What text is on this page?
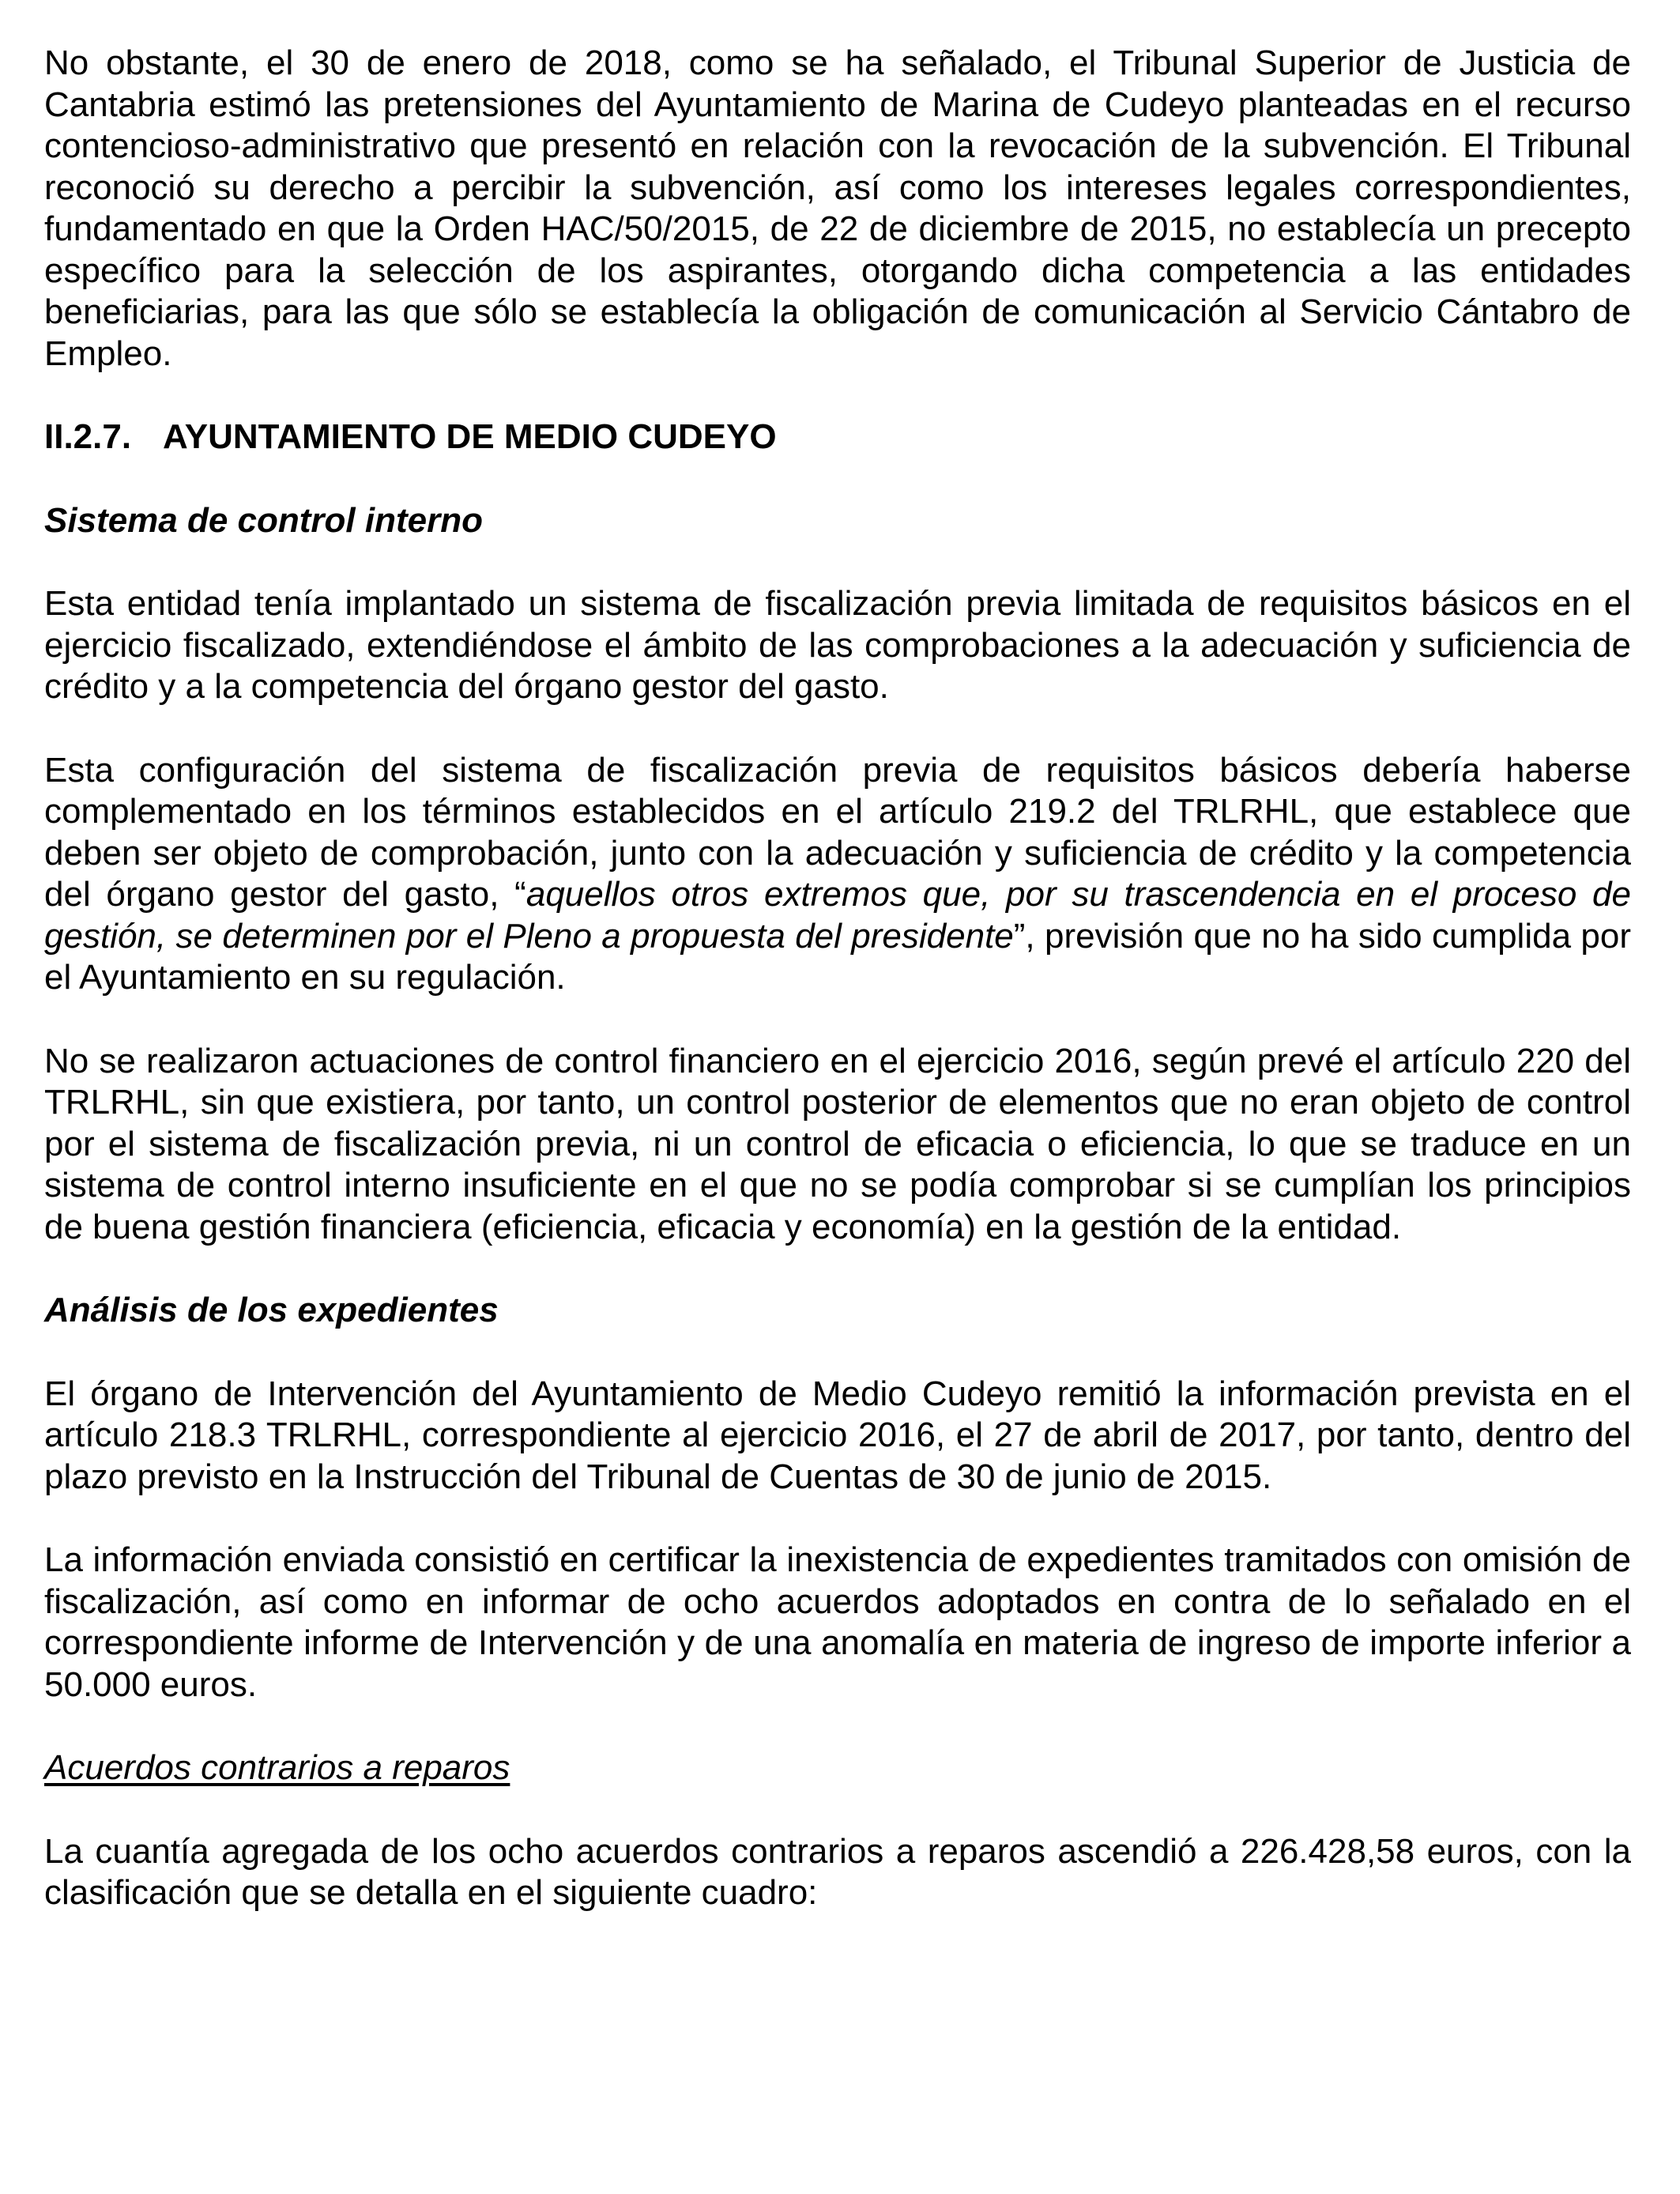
No obstante, el 30 de enero de 2018, como se ha señalado, el Tribunal Superior de Justicia de Cantabria estimó las pretensiones del Ayuntamiento de Marina de Cudeyo planteadas en el recurso contencioso-administrativo que presentó en relación con la revocación de la subvención. El Tribunal reconoció su derecho a percibir la subvención, así como los intereses legales correspondientes, fundamentado en que la Orden HAC/50/2015, de 22 de diciembre de 2015, no establecía un precepto específico para la selección de los aspirantes, otorgando dicha competencia a las entidades beneficiarias, para las que sólo se establecía la obligación de comunicación al Servicio Cántabro de Empleo.

II.2.7. AYUNTAMIENTO DE MEDIO CUDEYO

Sistema de control interno

Esta entidad tenía implantado un sistema de fiscalización previa limitada de requisitos básicos en el ejercicio fiscalizado, extendiéndose el ámbito de las comprobaciones a la adecuación y suficiencia de crédito y a la competencia del órgano gestor del gasto.

Esta configuración del sistema de fiscalización previa de requisitos básicos debería haberse complementado en los términos establecidos en el artículo 219.2 del TRLRHL, que establece que deben ser objeto de comprobación, junto con la adecuación y suficiencia de crédito y la competencia del órgano gestor del gasto, “aquellos otros extremos que, por su trascendencia en el proceso de gestión, se determinen por el Pleno a propuesta del presidente”, previsión que no ha sido cumplida por el Ayuntamiento en su regulación.

No se realizaron actuaciones de control financiero en el ejercicio 2016, según prevé el artículo 220 del TRLRHL, sin que existiera, por tanto, un control posterior de elementos que no eran objeto de control por el sistema de fiscalización previa, ni un control de eficacia o eficiencia, lo que se traduce en un sistema de control interno insuficiente en el que no se podía comprobar si se cumplían los principios de buena gestión financiera (eficiencia, eficacia y economía) en la gestión de la entidad.

Análisis de los expedientes

El órgano de Intervención del Ayuntamiento de Medio Cudeyo remitió la información prevista en el artículo 218.3 TRLRHL, correspondiente al ejercicio 2016, el 27 de abril de 2017, por tanto, dentro del plazo previsto en la Instrucción del Tribunal de Cuentas de 30 de junio de 2015.

La información enviada consistió en certificar la inexistencia de expedientes tramitados con omisión de fiscalización, así como en informar de ocho acuerdos adoptados en contra de lo señalado en el correspondiente informe de Intervención y de una anomalía en materia de ingreso de importe inferior a 50.000 euros.

Acuerdos contrarios a reparos

La cuantía agregada de los ocho acuerdos contrarios a reparos ascendió a 226.428,58 euros, con la clasificación que se detalla en el siguiente cuadro:
